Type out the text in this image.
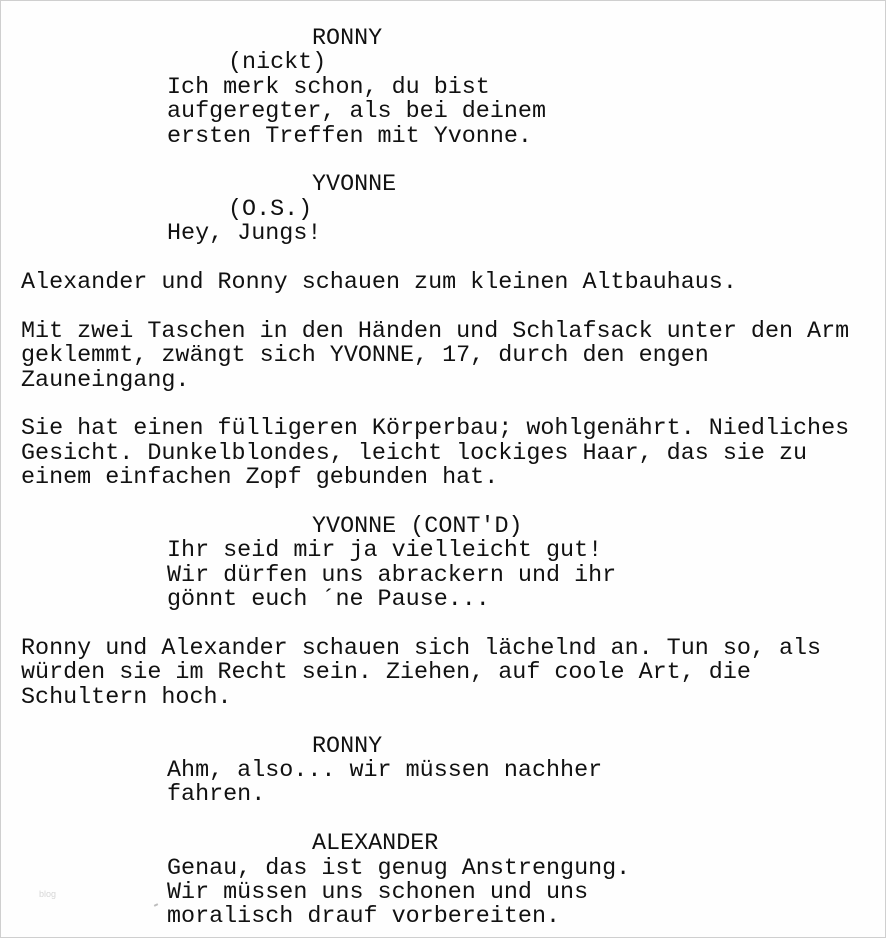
RONNY
(nickt)
Ich merk schon, du bist
aufgeregter, als bei deinem
ersten Treffen mit Yvonne.
YVONNE
(O.S.)
Hey, Jungs!
Alexander und Ronny schauen zum kleinen Altbauhaus.
Mit zwei Taschen in den Händen und Schlafsack unter den Arm
geklemmt, zwängt sich YVONNE, 17, durch den engen
Zauneingang.
Sie hat einen fülligeren Körperbau; wohlgenährt. Niedliches
Gesicht. Dunkelblondes, leicht lockiges Haar, das sie zu
einem einfachen Zopf gebunden hat.
YVONNE (CONT'D)
Ihr seid mir ja vielleicht gut!
Wir dürfen uns abrackern und ihr
gönnt euch ´ne Pause...
Ronny und Alexander schauen sich lächelnd an. Tun so, als
würden sie im Recht sein. Ziehen, auf coole Art, die
Schultern hoch.
RONNY
Ahm, also... wir müssen nachher
fahren.
ALEXANDER
Genau, das ist genug Anstrengung.
Wir müssen uns schonen und uns
moralisch drauf vorbereiten.
blog
